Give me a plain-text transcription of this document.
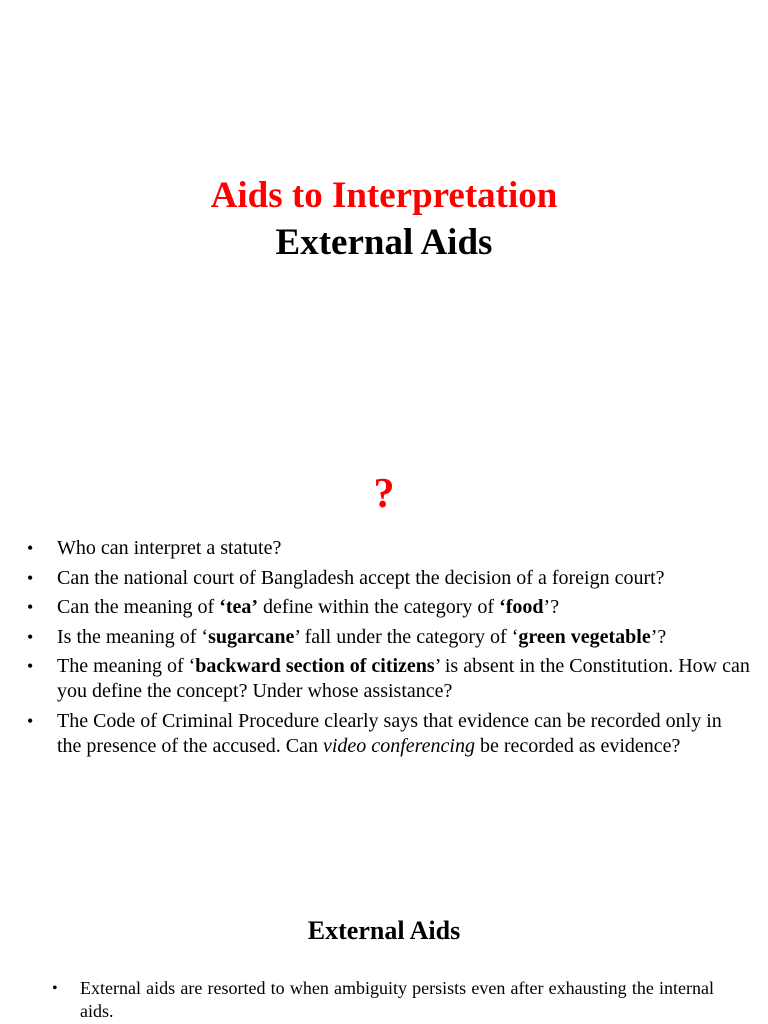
Aids to Interpretation
External Aids
?
• Who can interpret a statute?
• Can the national court of Bangladesh accept the decision of a foreign court?
• Can the meaning of ‘tea’ define within the category of ‘food’?
• Is the meaning of ‘sugarcane’ fall under the category of ‘green vegetable’?
• The meaning of ‘backward section of citizens’ is absent in the Constitution. How can you define the concept? Under whose assistance?
• The Code of Criminal Procedure clearly says that evidence can be recorded only in the presence of the accused. Can video conferencing be recorded as evidence?
External Aids
• External aids are resorted to when ambiguity persists even after exhausting the internal aids.
